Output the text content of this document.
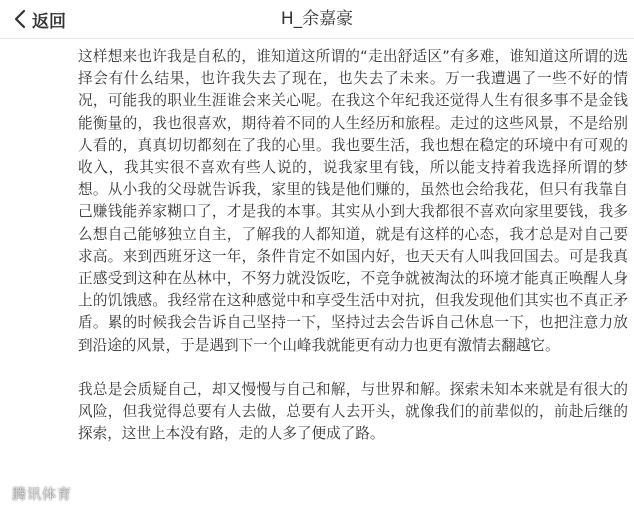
返回	H_余嘉豪

这样想来也许我是自私的，谁知道这所谓的“走出舒适区”有多难，谁知道这所谓的选择会有什么结果，也许我失去了现在，也失去了未来。万一我遭遇了一些不好的情况，可能我的职业生涯谁会来关心呢。在我这个年纪我还觉得人生有很多事不是金钱能衡量的，我也很喜欢，期待着不同的人生经历和旅程。走过的这些风景，不是给别人看的，真真切切都刻在了我的心里。我也要生活，我也想在稳定的环境中有可观的收入，我其实很不喜欢有些人说的，说我家里有钱，所以能支持着我选择所谓的梦想。从小我的父母就告诉我，家里的钱是他们赚的，虽然也会给我花，但只有我靠自己赚钱能养家糊口了，才是我的本事。其实从小到大我都很不喜欢向家里要钱，我多么想自己能够独立自主，了解我的人都知道，就是有这样的心态，我才总是对自己要求高。来到西班牙这一年，条件肯定不如国内好，也天天有人叫我回国去。可是我真正感受到这种在丛林中，不努力就没饭吃，不竞争就被淘汰的环境才能真正唤醒人身上的饥饿感。我经常在这种感觉中和享受生活中对抗，但我发现他们其实也不真正矛盾。累的时候我会告诉自己坚持一下，坚持过去会告诉自己休息一下，也把注意力放到沿途的风景，于是遇到下一个山峰我就能更有动力也更有激情去翻越它。

我总是会质疑自己，却又慢慢与自己和解，与世界和解。探索未知本来就是有很大的风险，但我觉得总要有人去做，总要有人去开头，就像我们的前辈似的，前赴后继的探索，这世上本没有路，走的人多了便成了路。

腾讯体育
